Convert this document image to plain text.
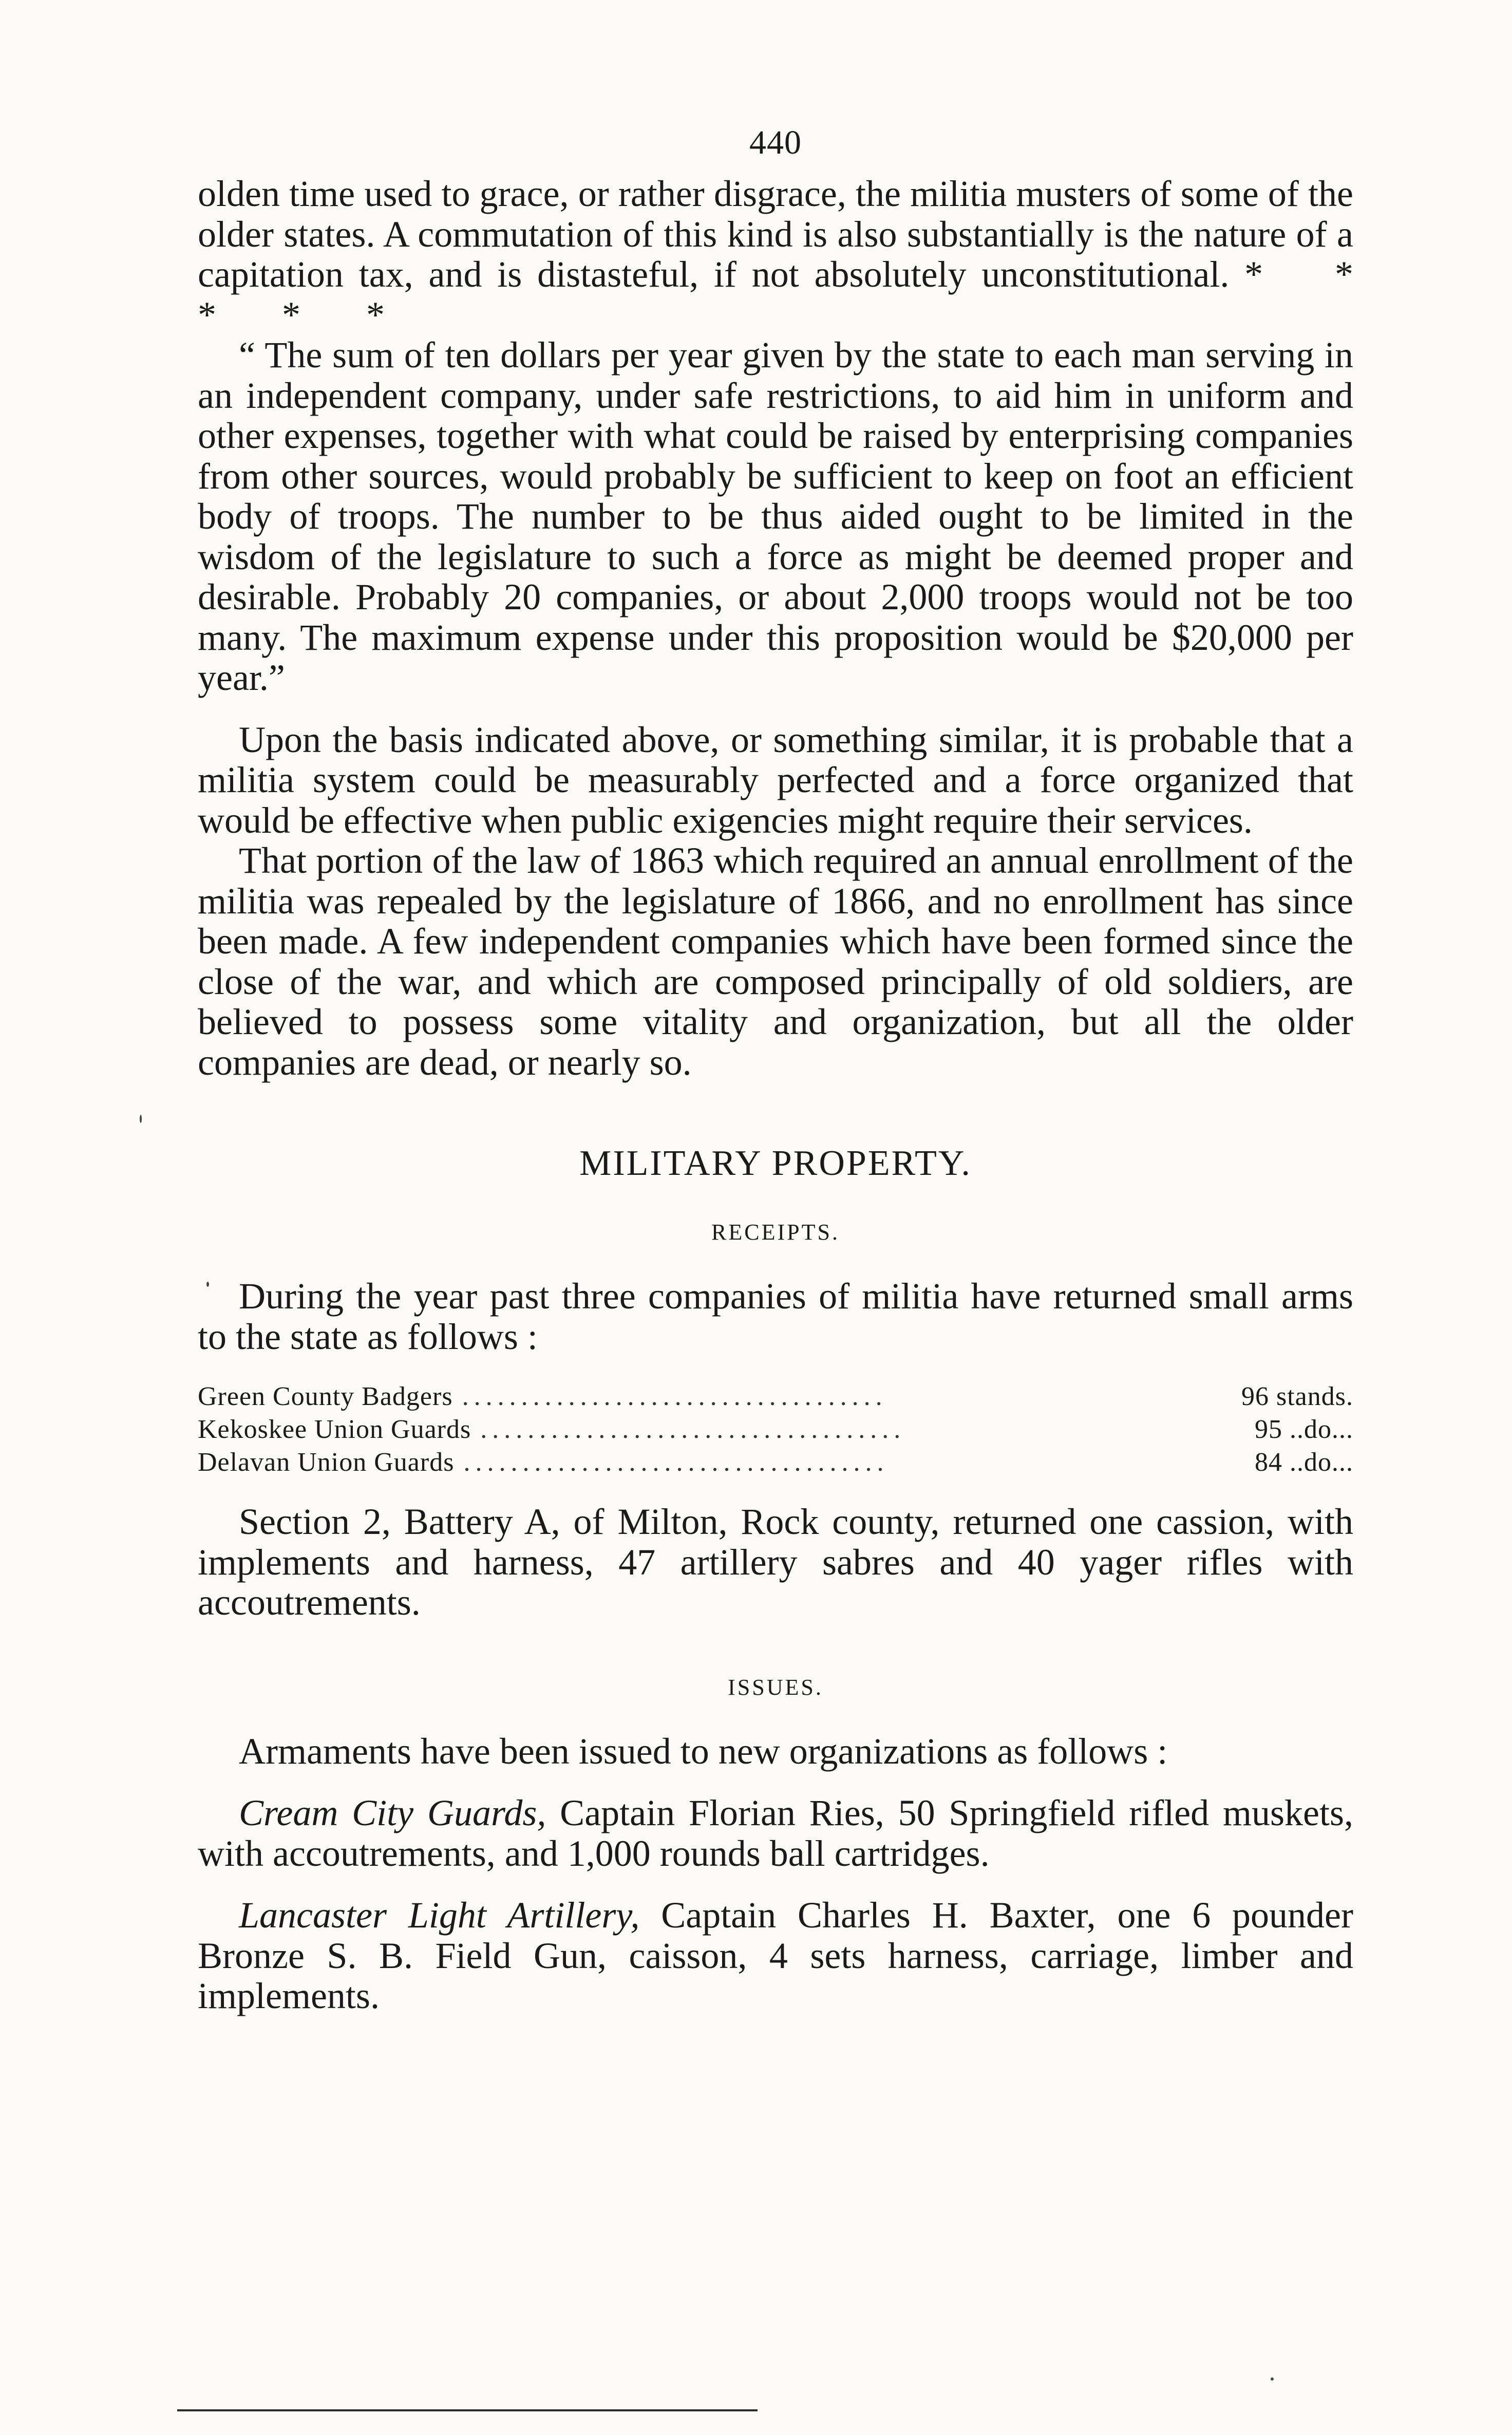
440

olden time used to grace, or rather disgrace, the militia musters of some of the older states. A commutation of this kind is also substantially is the nature of a capitation tax, and is distasteful, if not absolutely unconstitutional. * * * * *

“ The sum of ten dollars per year given by the state to each man serving in an independent company, under safe restrictions, to aid him in uniform and other expenses, together with what could be raised by enterprising companies from other sources, would probably be sufficient to keep on foot an efficient body of troops. The number to be thus aided ought to be limited in the wisdom of the legislature to such a force as might be deemed proper and desirable. Probably 20 companies, or about 2,000 troops would not be too many. The maximum expense under this proposition would be $20,000 per year.”

Upon the basis indicated above, or something similar, it is probable that a militia system could be measurably perfected and a force organized that would be effective when public exigencies might require their services.

That portion of the law of 1863 which required an annual enrollment of the militia was repealed by the legislature of 1866, and no enrollment has since been made. A few independent companies which have been formed since the close of the war, and which are composed principally of old soldiers, are believed to possess some vitality and organization, but all the older companies are dead, or nearly so.

MILITARY PROPERTY.
RECEIPTS.

During the year past three companies of militia have returned small arms to the state as follows :

Green County Badgers ....................................	96 stands.
Kekoskee Union Guards ....................................	95 ..do...
Delavan Union Guards ....................................	84 ..do...

Section 2, Battery A, of Milton, Rock county, returned one cassion, with implements and harness, 47 artillery sabres and 40 yager rifles with accoutrements.

ISSUES.

Armaments have been issued to new organizations as follows :

Cream City Guards, Captain Florian Ries, 50 Springfield rifled muskets, with accoutrements, and 1,000 rounds ball cartridges.

Lancaster Light Artillery, Captain Charles H. Baxter, one 6 pounder Bronze S. B. Field Gun, caisson, 4 sets harness, carriage, limber and implements.
